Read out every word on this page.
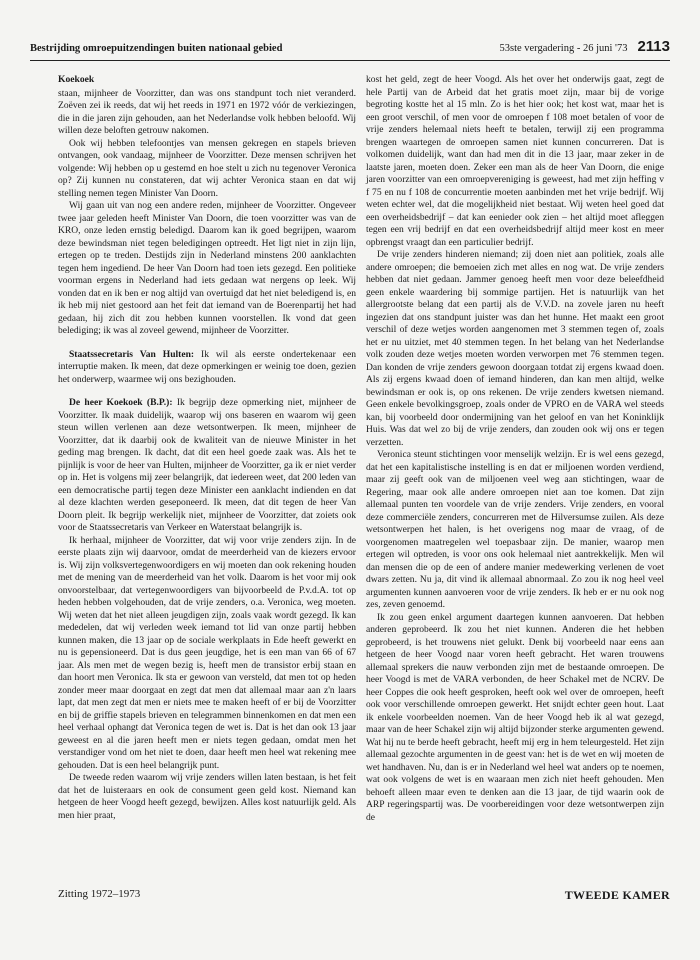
Bestrijding omroepuitzendingen buiten nationaal gebied	53ste vergadering - 26 juni '73 2113
Koekoek

staan, mijnheer de Voorzitter, dan was ons standpunt toch niet veranderd. Zoëven zei ik reeds, dat wij het reeds in 1971 en 1972 vóór de verkiezingen, die in die jaren zijn gehouden, aan het Nederlandse volk hebben beloofd. Wij willen deze beloften getrouw nakomen.

Ook wij hebben telefoontjes van mensen gekregen en stapels brieven ontvangen, ook vandaag, mijnheer de Voorzitter. Deze mensen schrijven het volgende: Wij hebben op u gestemd en hoe stelt u zich nu tegenover Veronica op? Zij kunnen nu constateren, dat wij achter Veronica staan en dat wij stelling nemen tegen Minister Van Doorn.

Wij gaan uit van nog een andere reden, mijnheer de Voorzitter. Ongeveer twee jaar geleden heeft Minister Van Doorn, die toen voorzitter was van de KRO, onze leden ernstig beledigd. Daarom kan ik goed begrijpen, waarom deze bewindsman niet tegen beledigingen optreedt. Het ligt niet in zijn lijn, ertegen op te treden. Destijds zijn in Nederland minstens 200 aanklachten tegen hem ingediend. De heer Van Doorn had toen iets gezegd. Een politieke voorman ergens in Nederland had iets gedaan wat nergens op leek. Wij vonden dat en ik ben er nog altijd van overtuigd dat het niet beledigend is, en ik heb mij niet gestoord aan het feit dat iemand van de Boerenpartij het had gedaan, hij zich dit zou hebben kunnen voorstellen. Ik vond dat geen belediging; ik was al zoveel gewend, mijnheer de Voorzitter.

Staatssecretaris Van Hulten: Ik wil als eerste ondertekenaar een interruptie maken. Ik meen, dat deze opmerkingen er weinig toe doen, gezien het onderwerp, waarmee wij ons bezighouden.

De heer Koekoek (B.P.): Ik begrijp deze opmerking niet, mijnheer de Voorzitter. Ik maak duidelijk, waarop wij ons baseren en waarom wij geen steun willen verlenen aan deze wetsontwerpen. Ik meen, mijnheer de Voorzitter, dat ik daarbij ook de kwaliteit van de nieuwe Minister in het geding mag brengen. Ik dacht, dat dit een heel goede zaak was. Als het te pijnlijk is voor de heer van Hulten, mijnheer de Voorzitter, ga ik er niet verder op in. Het is volgens mij zeer belangrijk, dat iedereen weet, dat 200 leden van een democratische partij tegen deze Minister een aanklacht indienden en dat al deze klachten werden geseponeerd. Ik meen, dat dit tegen de heer Van Doorn pleit. Ik begrijp werkelijk niet, mijnheer de Voorzitter, dat zoiets ook voor de Staatssecretaris van Verkeer en Waterstaat belangrijk is.

Ik herhaal, mijnheer de Voorzitter, dat wij voor vrije zenders zijn. In de eerste plaats zijn wij daarvoor, omdat de meerderheid van de kiezers ervoor is. Wij zijn volksvertegenwoordigers en wij moeten dan ook rekening houden met de mening van de meerderheid van het volk. Daarom is het voor mij ook onvoorstelbaar, dat vertegenwoordigers van bijvoorbeeld de P.v.d.A. tot op heden hebben volgehouden, dat de vrije zenders, o.a. Veronica, weg moeten. Wij weten dat het niet alleen jeugdigen zijn, zoals vaak wordt gezegd. Ik kan mededelen, dat wij verleden week iemand tot lid van onze partij hebben kunnen maken, die 13 jaar op de sociale werkplaats in Ede heeft gewerkt en nu is gepensioneerd. Dat is dus geen jeugdige, het is een man van 66 of 67 jaar. Als men met de wegen bezig is, heeft men de transistor erbij staan en dan hoort men Veronica. Ik sta er gewoon van versteld, dat men tot op heden zonder meer maar doorgaat en zegt dat men dat allemaal maar aan z'n laars lapt, dat men zegt dat men er niets mee te maken heeft of er bij de Voorzitter en bij de griffie stapels brieven en telegrammen binnenkomen en dat men een heel verhaal ophangt dat Veronica tegen de wet is. Dat is het dan ook 13 jaar geweest en al die jaren heeft men er niets tegen gedaan, omdat men het verstandiger vond om het niet te doen, daar heeft men heel wat rekening mee gehouden. Dat is een heel belangrijk punt.

De tweede reden waarom wij vrije zenders willen laten bestaan, is het feit dat het de luisteraars en ook de consument geen geld kost. Niemand kan hetgeen de heer Voogd heeft gezegd, bewijzen. Alles kost natuurlijk geld. Als men hier praat,

kost het geld, zegt de heer Voogd. Als het over het onderwijs gaat, zegt de hele Partij van de Arbeid dat het gratis moet zijn, maar bij de vorige begroting kostte het al 15 mln. Zo is het hier ook; het kost wat, maar het is een groot verschil, of men voor de omroepen f 108 moet betalen of voor de vrije zenders helemaal niets heeft te betalen, terwijl zij een programma brengen waartegen de omroepen samen niet kunnen concurreren. Dat is volkomen duidelijk, want dan had men dit in die 13 jaar, maar zeker in de laatste jaren, moeten doen. Zeker een man als de heer Van Doorn, die enige jaren voorzitter van een omroepvereniging is geweest, had met zijn heffing v f 75 en nu f 108 de concurrentie moeten aanbinden met het vrije bedrijf. Wij weten echter wel, dat die mogelijkheid niet bestaat. Wij weten heel goed dat een overheidsbedrijf – dat kan eenieder ook zien – het altijd moet afleggen tegen een vrij bedrijf en dat een overheidsbedrijf altijd meer kost en meer opbrengst vraagt dan een particulier bedrijf.

De vrije zenders hinderen niemand; zij doen niet aan politiek, zoals alle andere omroepen; die bemoeien zich met alles en nog wat. De vrije zenders hebben dat niet gedaan. Jammer genoeg heeft men voor deze beleefdheid geen enkele waardering bij sommige partijen. Het is natuurlijk van het allergrootste belang dat een partij als de V.V.D. na zovele jaren nu heeft ingezien dat ons standpunt juister was dan het hunne. Het maakt een groot verschil of deze wetjes worden aangenomen met 3 stemmen tegen of, zoals het er nu uitziet, met 40 stemmen tegen. In het belang van het Nederlandse volk zouden deze wetjes moeten worden verworpen met 76 stemmen tegen. Dan konden de vrije zenders gewoon doorgaan totdat zij ergens kwaad doen. Als zij ergens kwaad doen of iemand hinderen, dan kan men altijd, welke bewindsman er ook is, op ons rekenen. De vrije zenders kwetsen niemand. Geen enkele bevolkingsgroep, zoals onder de VPRO en de VARA wel steeds kan, bij voorbeeld door ondermijning van het geloof en van het Koninklijk Huis. Was dat wel zo bij de vrije zenders, dan zouden ook wij ons er tegen verzetten.

Veronica steunt stichtingen voor menselijk welzijn. Er is wel eens gezegd, dat het een kapitalistische instelling is en dat er miljoenen worden verdiend, maar zij geeft ook van de miljoenen veel weg aan stichtingen, waar de Regering, maar ook alle andere omroepen niet aan toe komen. Dat zijn allemaal punten ten voordele van de vrije zenders. Vrije zenders, en vooral deze commerciële zenders, concurreren met de Hilversumse zuilen. Als deze wetsontwerpen het halen, is het overigens nog maar de vraag, of de voorgenomen maatregelen wel toepasbaar zijn. De manier, waarop men ertegen wil optreden, is voor ons ook helemaal niet aantrekkelijk. Men wil dan mensen die op de een of andere manier medewerking verlenen de voet dwars zetten. Nu ja, dit vind ik allemaal abnormaal. Zo zou ik nog heel veel argumenten kunnen aanvoeren voor de vrije zenders. Ik heb er er nu ook nog zes, zeven genoemd.

Ik zou geen enkel argument daartegen kunnen aanvoeren. Dat hebben anderen geprobeerd. Ik zou het niet kunnen. Anderen die het hebben geprobeerd, is het trouwens niet gelukt. Denk bij voorbeeld naar eens aan hetgeen de heer Voogd naar voren heeft gebracht. Het waren trouwens allemaal sprekers die nauw verbonden zijn met de bestaande omroepen. De heer Voogd is met de VARA verbonden, de heer Schakel met de NCRV. De heer Coppes die ook heeft gesproken, heeft ook wel over de omroepen, heeft ook voor verschillende omroepen gewerkt. Het snijdt echter geen hout. Laat ik enkele voorbeelden noemen. Van de heer Voogd heb ik al wat gezegd, maar van de heer Schakel zijn wij altijd bijzonder sterke argumenten gewend. Wat hij nu te berde heeft gebracht, heeft mij erg in hem teleurgesteld. Het zijn allemaal gezochte argumenten in de geest van: het is de wet en wij moeten de wet handhaven. Nu, dan is er in Nederland wel heel wat anders op te noemen, wat ook volgens de wet is en waaraan men zich niet heeft gehouden. Men behoeft alleen maar even te denken aan die 13 jaar, de tijd waarin ook de ARP regeringspartij was. De voorbereidingen voor deze wetsontwerpen zijn de

Zitting 1972–1973	TWEEDE KAMER
